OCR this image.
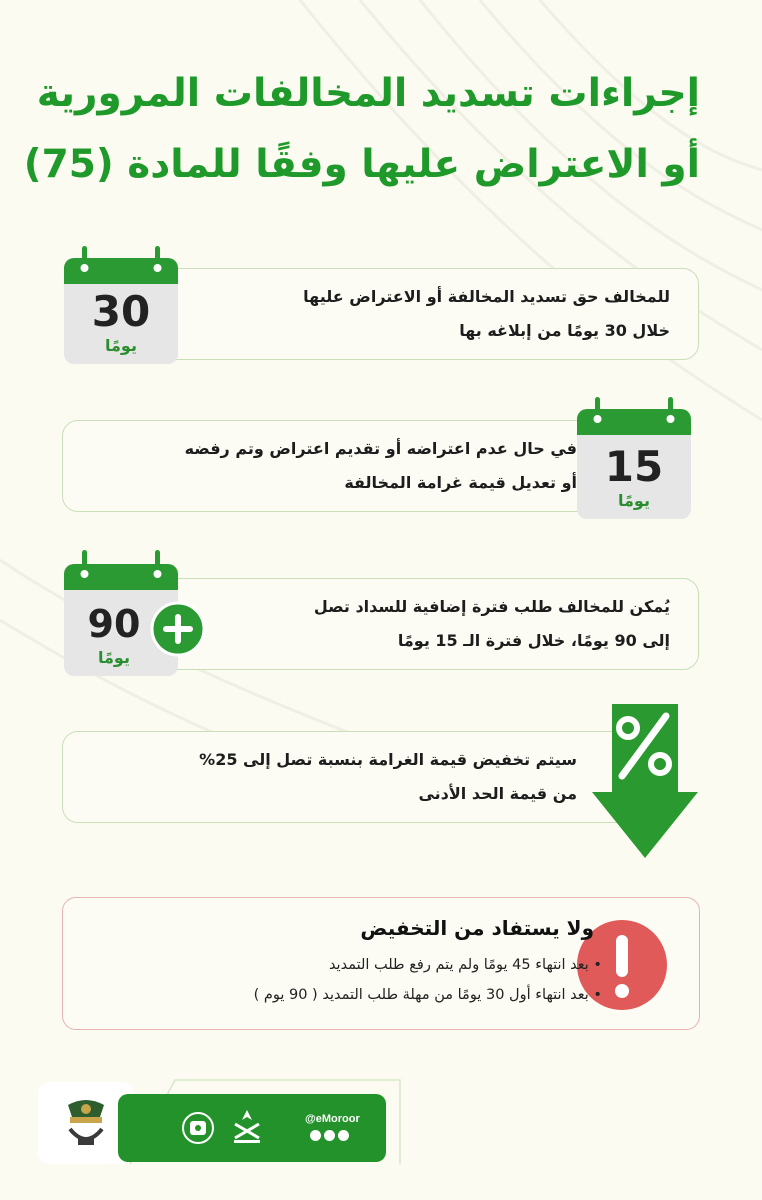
إجراءات تسديد المخالفات المرورية
أو الاعتراض عليها وفقًا للمادة (75)
للمخالف حق تسديد المخالفة أو الاعتراض عليها
خلال 30 يومًا من إبلاغه بها
30
يومًا
في حال عدم اعتراضه أو تقديم اعتراض وتم رفضه
أو تعديل قيمة غرامة المخالفة 15
يومًا
يُمكن للمخالف طلب فترة إضافية للسداد تصل
إلى 90 يومًا، خلال فترة الـ 15 يومًا
90
يومًا
سيتم تخفيض قيمة الغرامة بنسبة تصل إلى 25%
من قيمة الحد الأدنى
ولا يستفاد من التخفيض
• بعد انتهاء 45 يومًا ولم يتم رفع طلب التمديد
• بعد انتهاء أول 30 يومًا من مهلة طلب التمديد ( 90 يوم )
@eMoroor
